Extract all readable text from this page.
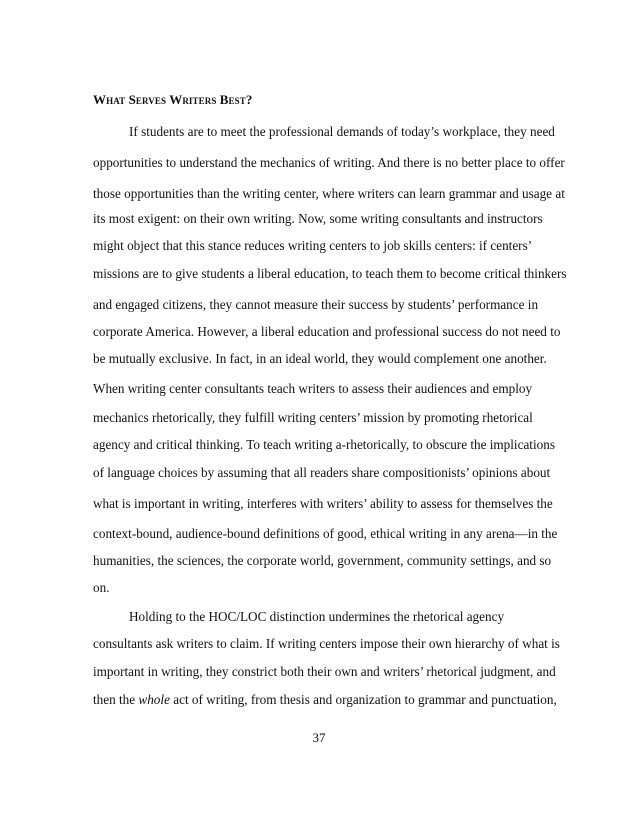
What Serves Writers Best?
If students are to meet the professional demands of today’s workplace, they need
opportunities to understand the mechanics of writing. And there is no better place to offer
those opportunities than the writing center, where writers can learn grammar and usage at
its most exigent: on their own writing. Now, some writing consultants and instructors
might object that this stance reduces writing centers to job skills centers: if centers’
missions are to give students a liberal education, to teach them to become critical thinkers
and engaged citizens, they cannot measure their success by students’ performance in
corporate America. However, a liberal education and professional success do not need to
be mutually exclusive. In fact, in an ideal world, they would complement one another.
When writing center consultants teach writers to assess their audiences and employ
mechanics rhetorically, they fulfill writing centers’ mission by promoting rhetorical
agency and critical thinking. To teach writing a-rhetorically, to obscure the implications
of language choices by assuming that all readers share compositionists’ opinions about
what is important in writing, interferes with writers’ ability to assess for themselves the
context-bound, audience-bound definitions of good, ethical writing in any arena—in the
humanities, the sciences, the corporate world, government, community settings, and so
on.
Holding to the HOC/LOC distinction undermines the rhetorical agency
consultants ask writers to claim. If writing centers impose their own hierarchy of what is
important in writing, they constrict both their own and writers’ rhetorical judgment, and
then the whole act of writing, from thesis and organization to grammar and punctuation,
37
